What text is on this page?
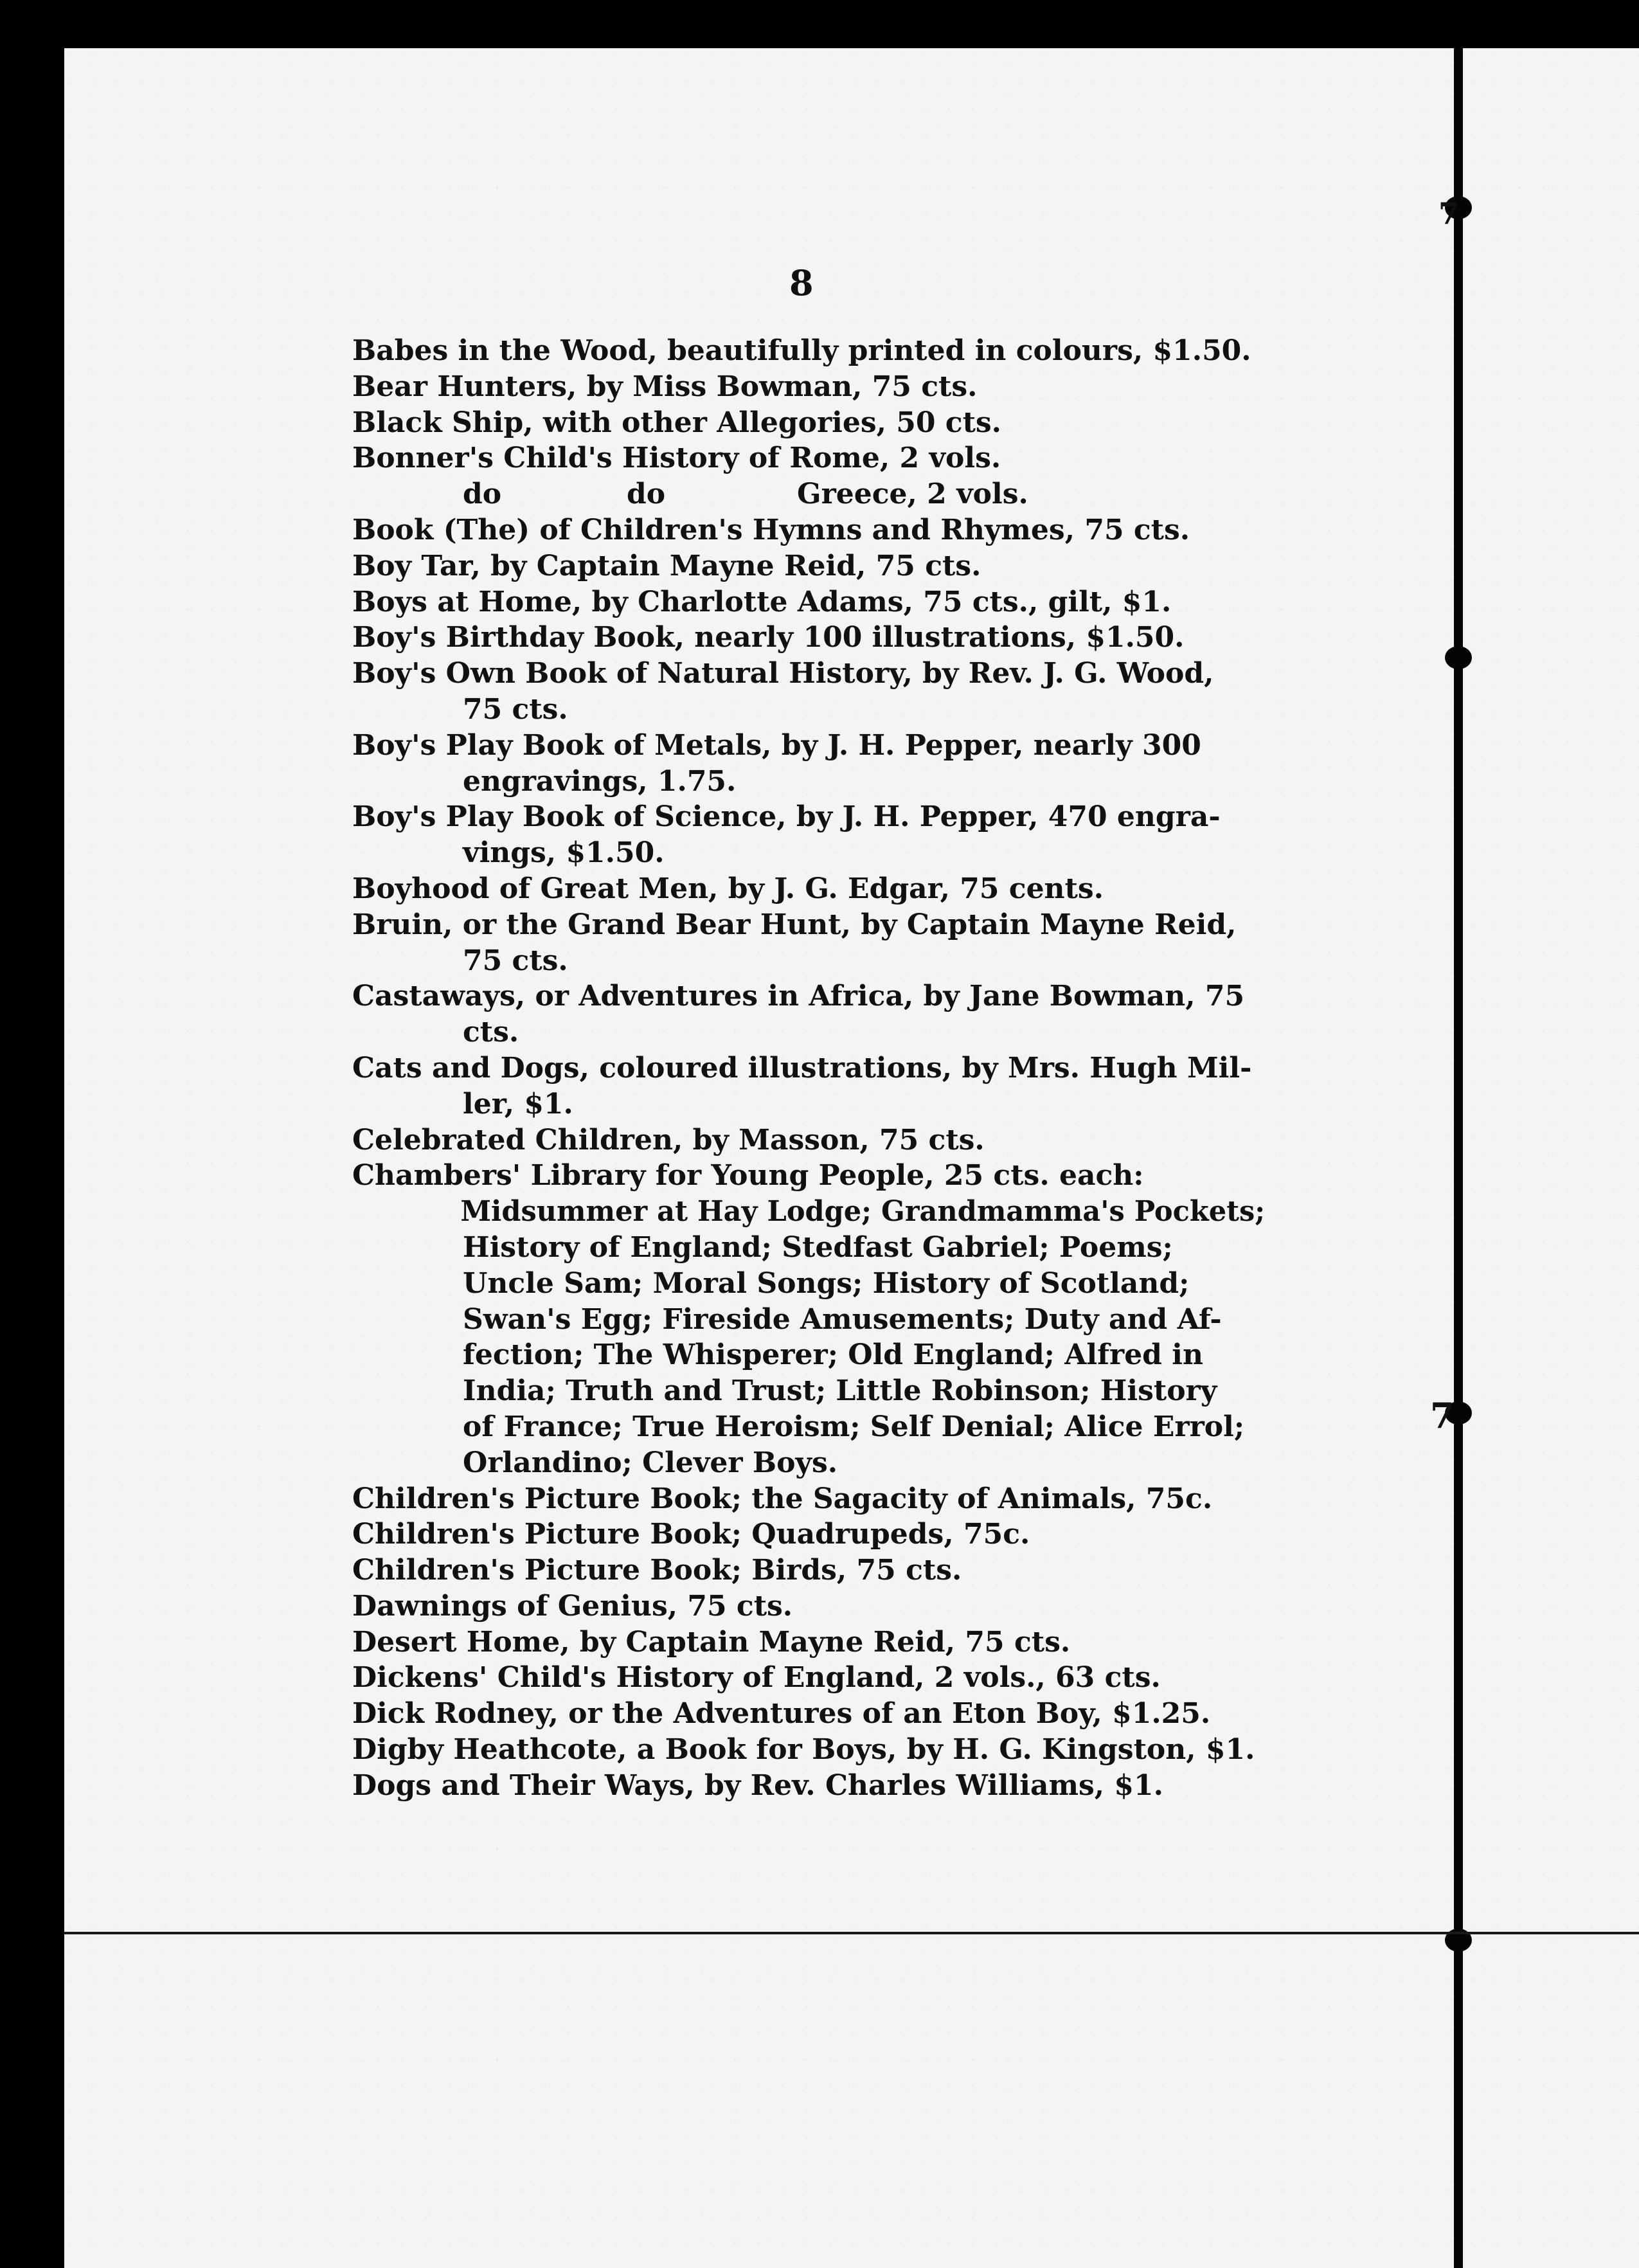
7
7
8
Babes in the Wood, beautifully printed in colours, $1.50.
Bear Hunters, by Miss Bowman, 75 cts.
Black Ship, with other Allegories, 50 cts.
Bonner's Child's History of Rome, 2 vols.
do	do	Greece, 2 vols.
Book (The) of Children's Hymns and Rhymes, 75 cts.
Boy Tar, by Captain Mayne Reid, 75 cts.
Boys at Home, by Charlotte Adams, 75 cts., gilt, $1.
Boy's Birthday Book, nearly 100 illustrations, $1.50.
Boy's Own Book of Natural History, by Rev. J. G. Wood,
75 cts.
Boy's Play Book of Metals, by J. H. Pepper, nearly 300
engravings, 1.75.
Boy's Play Book of Science, by J. H. Pepper, 470 engra-
vings, $1.50.
Boyhood of Great Men, by J. G. Edgar, 75 cents.
Bruin, or the Grand Bear Hunt, by Captain Mayne Reid,
75 cts.
Castaways, or Adventures in Africa, by Jane Bowman, 75
cts.
Cats and Dogs, coloured illustrations, by Mrs. Hugh Mil-
ler, $1.
Celebrated Children, by Masson, 75 cts.
Chambers' Library for Young People, 25 cts. each:
Midsummer at Hay Lodge; Grandmamma's Pockets;
History of England; Stedfast Gabriel; Poems;
Uncle Sam; Moral Songs; History of Scotland;
Swan's Egg; Fireside Amusements; Duty and Af-
fection; The Whisperer; Old England; Alfred in
India; Truth and Trust; Little Robinson; History
of France; True Heroism; Self Denial; Alice Errol;
Orlandino; Clever Boys.
Children's Picture Book; the Sagacity of Animals, 75c.
Children's Picture Book; Quadrupeds, 75c.
Children's Picture Book; Birds, 75 cts.
Dawnings of Genius, 75 cts.
Desert Home, by Captain Mayne Reid, 75 cts.
Dickens' Child's History of England, 2 vols., 63 cts.
Dick Rodney, or the Adventures of an Eton Boy, $1.25.
Digby Heathcote, a Book for Boys, by H. G. Kingston, $1.
Dogs and Their Ways, by Rev. Charles Williams, $1.
